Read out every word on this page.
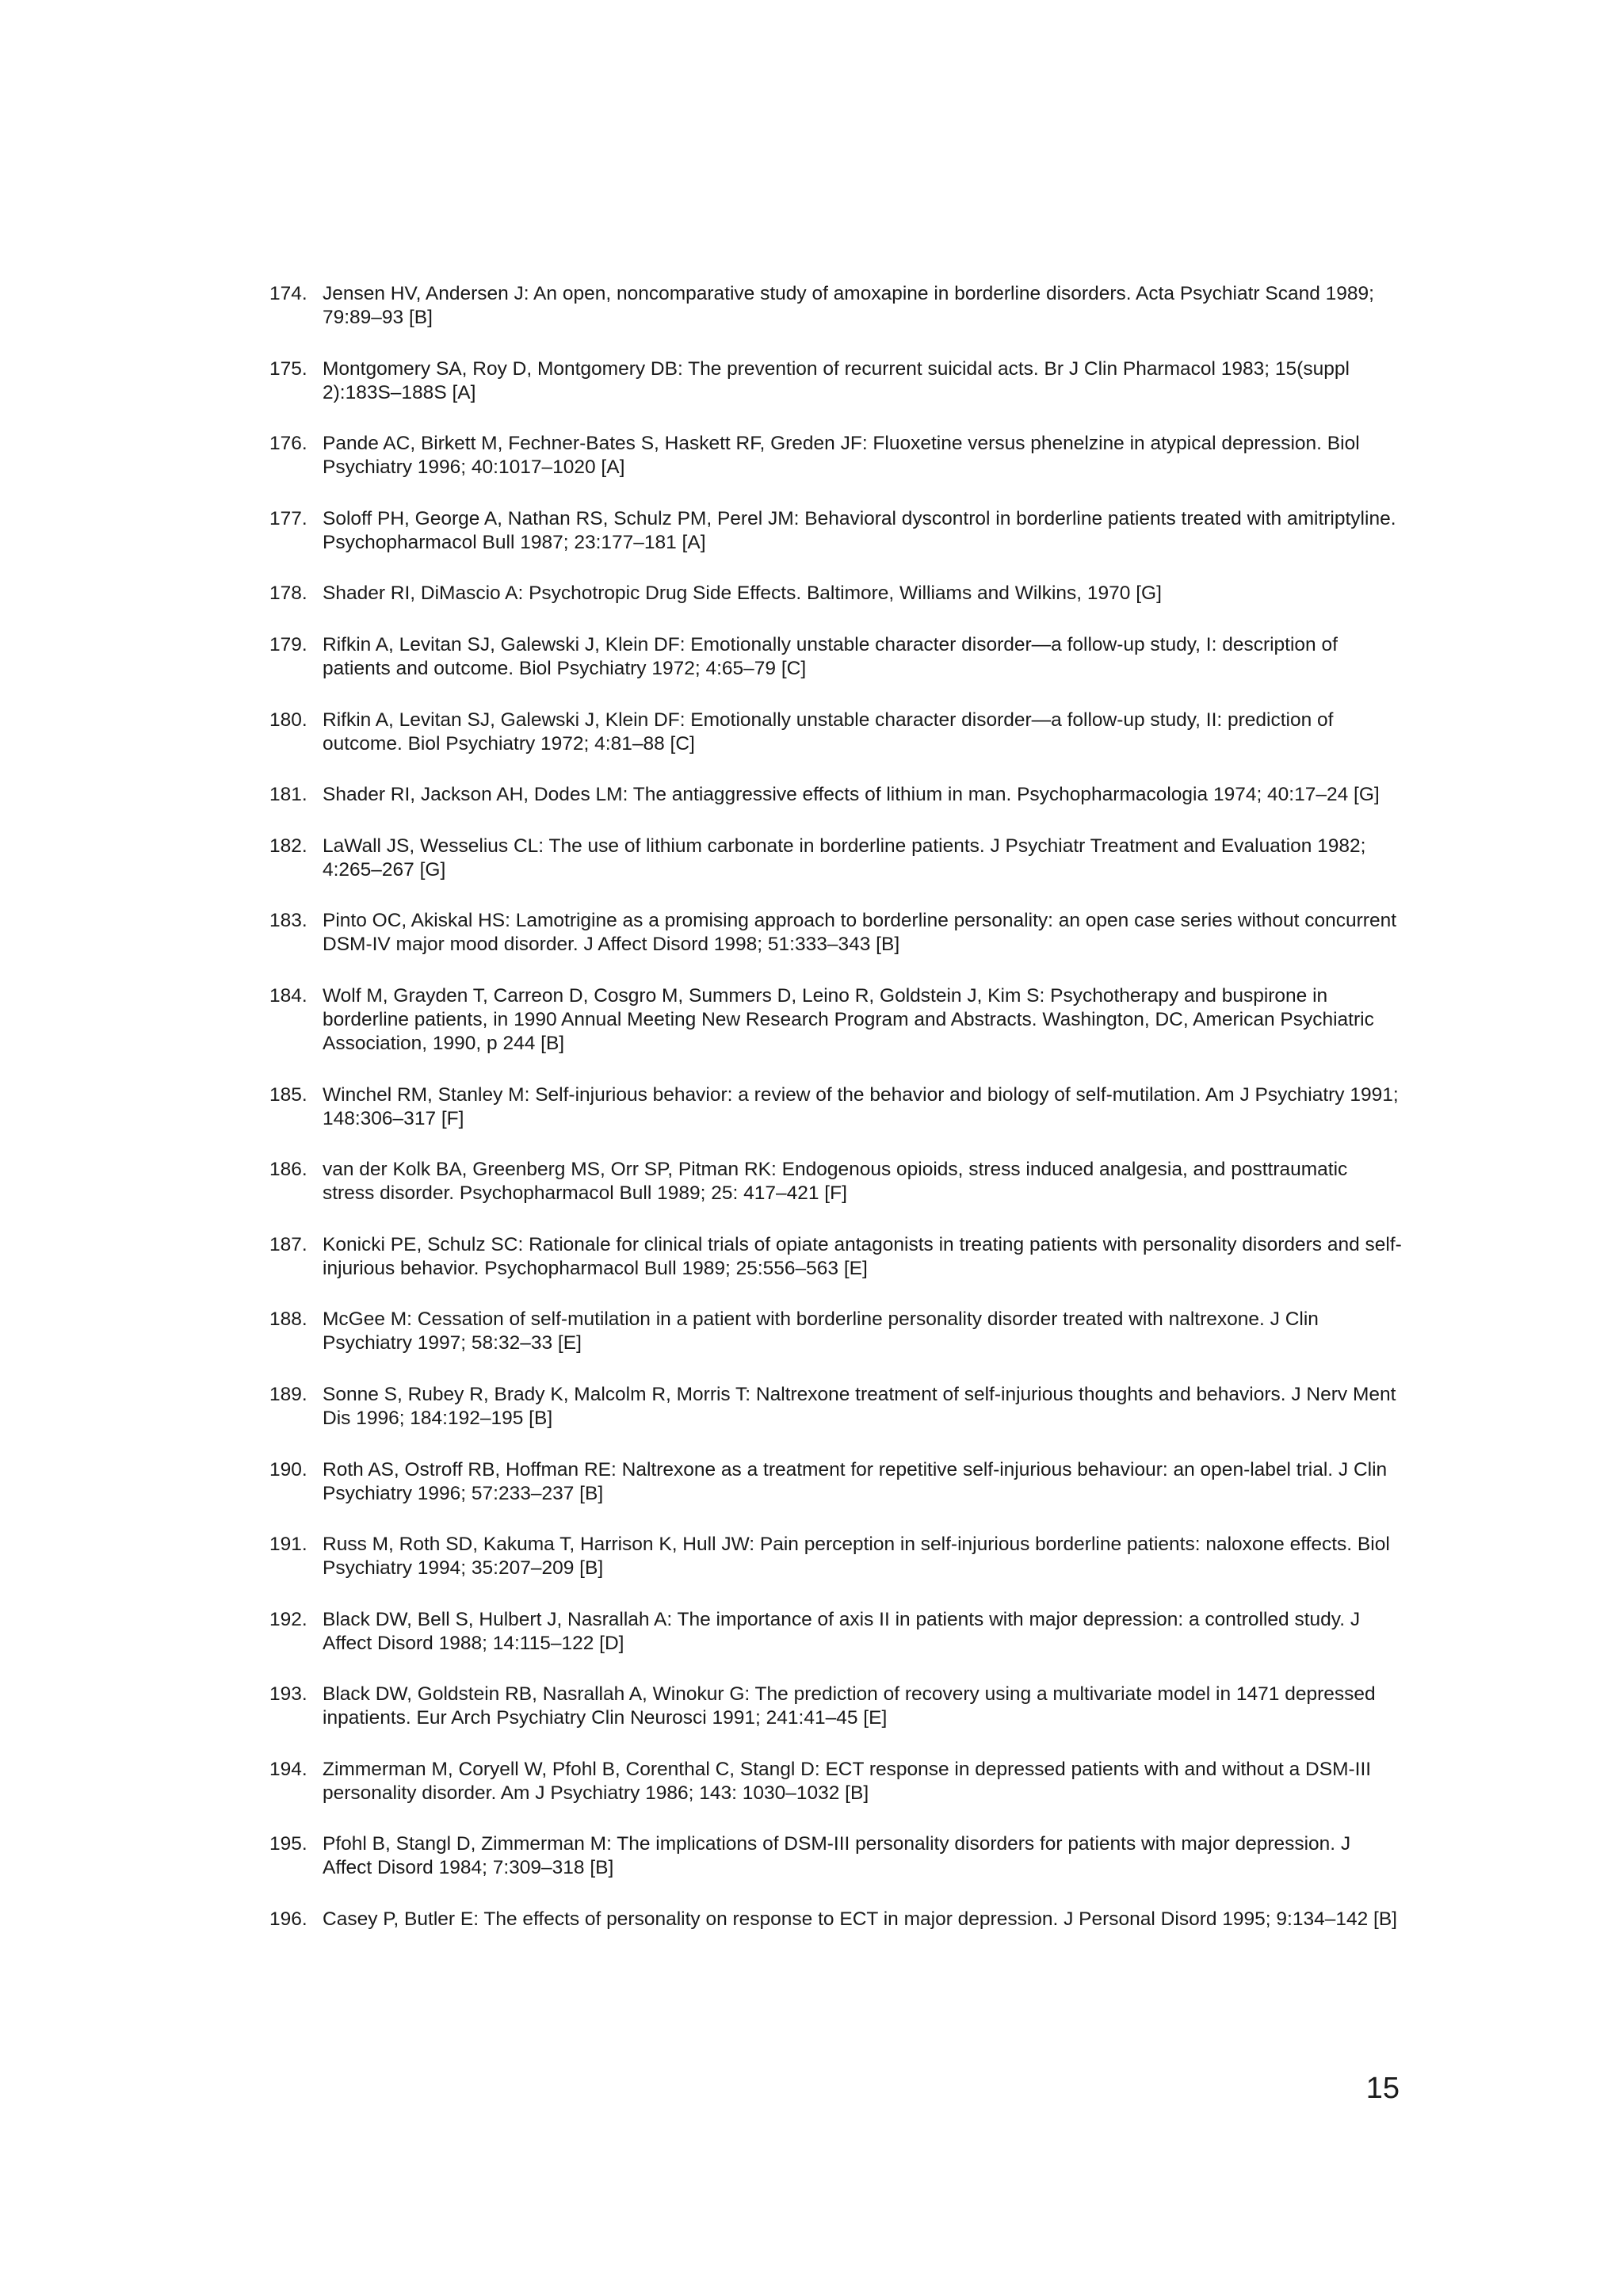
174. Jensen HV, Andersen J: An open, noncomparative study of amoxapine in borderline disorders. Acta Psychiatr Scand 1989; 79:89–93 [B]
175. Montgomery SA, Roy D, Montgomery DB: The prevention of recurrent suicidal acts. Br J Clin Pharmacol 1983; 15(suppl 2):183S–188S [A]
176. Pande AC, Birkett M, Fechner-Bates S, Haskett RF, Greden JF: Fluoxetine versus phenelzine in atypical depression. Biol Psychiatry 1996; 40:1017–1020 [A]
177. Soloff PH, George A, Nathan RS, Schulz PM, Perel JM: Behavioral dyscontrol in borderline patients treated with amitriptyline. Psychopharmacol Bull 1987; 23:177–181 [A]
178. Shader RI, DiMascio A: Psychotropic Drug Side Effects. Baltimore, Williams and Wilkins, 1970 [G]
179. Rifkin A, Levitan SJ, Galewski J, Klein DF: Emotionally unstable character disorder—a follow-up study, I: description of patients and outcome. Biol Psychiatry 1972; 4:65–79 [C]
180. Rifkin A, Levitan SJ, Galewski J, Klein DF: Emotionally unstable character disorder—a follow-up study, II: prediction of outcome. Biol Psychiatry 1972; 4:81–88 [C]
181. Shader RI, Jackson AH, Dodes LM: The antiaggressive effects of lithium in man. Psychopharmacologia 1974; 40:17–24 [G]
182. LaWall JS, Wesselius CL: The use of lithium carbonate in borderline patients. J Psychiatr Treatment and Evaluation 1982; 4:265–267 [G]
183. Pinto OC, Akiskal HS: Lamotrigine as a promising approach to borderline personality: an open case series without concurrent DSM-IV major mood disorder. J Affect Disord 1998; 51:333–343 [B]
184. Wolf M, Grayden T, Carreon D, Cosgro M, Summers D, Leino R, Goldstein J, Kim S: Psychotherapy and buspirone in borderline patients, in 1990 Annual Meeting New Research Program and Abstracts. Washington, DC, American Psychiatric Association, 1990, p 244 [B]
185. Winchel RM, Stanley M: Self-injurious behavior: a review of the behavior and biology of self-mutilation. Am J Psychiatry 1991; 148:306–317 [F]
186. van der Kolk BA, Greenberg MS, Orr SP, Pitman RK: Endogenous opioids, stress induced analgesia, and posttraumatic stress disorder. Psychopharmacol Bull 1989; 25: 417–421 [F]
187. Konicki PE, Schulz SC: Rationale for clinical trials of opiate antagonists in treating patients with personality disorders and self-injurious behavior. Psychopharmacol Bull 1989; 25:556–563 [E]
188. McGee M: Cessation of self-mutilation in a patient with borderline personality disorder treated with naltrexone. J Clin Psychiatry 1997; 58:32–33 [E]
189. Sonne S, Rubey R, Brady K, Malcolm R, Morris T: Naltrexone treatment of self-injurious thoughts and behaviors. J Nerv Ment Dis 1996; 184:192–195 [B]
190. Roth AS, Ostroff RB, Hoffman RE: Naltrexone as a treatment for repetitive self-injurious behaviour: an open-label trial. J Clin Psychiatry 1996; 57:233–237 [B]
191. Russ M, Roth SD, Kakuma T, Harrison K, Hull JW: Pain perception in self-injurious borderline patients: naloxone effects. Biol Psychiatry 1994; 35:207–209 [B]
192. Black DW, Bell S, Hulbert J, Nasrallah A: The importance of axis II in patients with major depression: a controlled study. J Affect Disord 1988; 14:115–122 [D]
193. Black DW, Goldstein RB, Nasrallah A, Winokur G: The prediction of recovery using a multivariate model in 1471 depressed inpatients. Eur Arch Psychiatry Clin Neurosci 1991; 241:41–45 [E]
194. Zimmerman M, Coryell W, Pfohl B, Corenthal C, Stangl D: ECT response in depressed patients with and without a DSM-III personality disorder. Am J Psychiatry 1986; 143: 1030–1032 [B]
195. Pfohl B, Stangl D, Zimmerman M: The implications of DSM-III personality disorders for patients with major depression. J Affect Disord 1984; 7:309–318 [B]
196. Casey P, Butler E: The effects of personality on response to ECT in major depression. J Personal Disord 1995; 9:134–142 [B]
15
